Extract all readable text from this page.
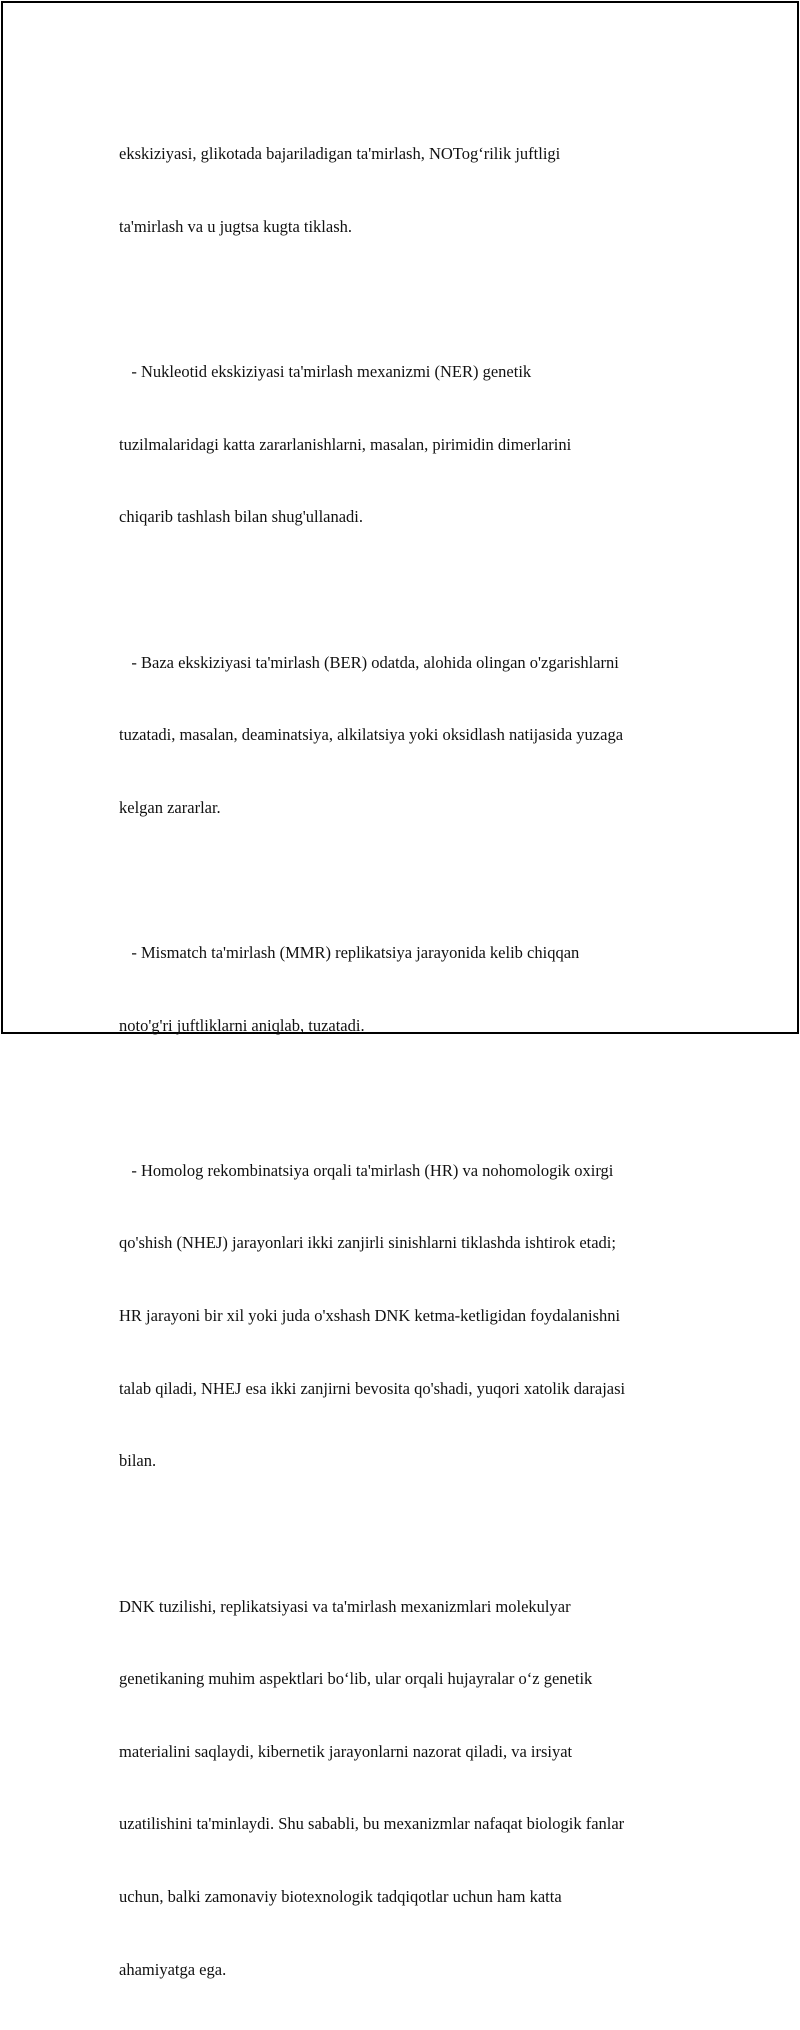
ekskiziyasi, glikotada bajariladigan ta'mirlash, NOTog‘rilik juftligi

ta'mirlash va u jugtsa kugta tiklash.

- Nukleotid ekskiziyasi ta'mirlash mexanizmi (NER) genetik

tuzilmalaridagi katta zararlanishlarni, masalan, pirimidin dimerlarini

chiqarib tashlash bilan shug'ullanadi.

- Baza ekskiziyasi ta'mirlash (BER) odatda, alohida olingan o'zgarishlarni

tuzatadi, masalan, deaminatsiya, alkilatsiya yoki oksidlash natijasida yuzaga

kelgan zararlar.

- Mismatch ta'mirlash (MMR) replikatsiya jarayonida kelib chiqqan

noto'g'ri juftliklarni aniqlab, tuzatadi.

- Homolog rekombinatsiya orqali ta'mirlash (HR) va nohomologik oxirgi

qo'shish (NHEJ) jarayonlari ikki zanjirli sinishlarni tiklashda ishtirok etadi;

HR jarayoni bir xil yoki juda o'xshash DNK ketma-ketligidan foydalanishni

talab qiladi, NHEJ esa ikki zanjirni bevosita qo'shadi, yuqori xatolik darajasi

bilan.

DNK tuzilishi, replikatsiyasi va ta'mirlash mexanizmlari molekulyar

genetikaning muhim aspektlari bo‘lib, ular orqali hujayralar o‘z genetik

materialini saqlaydi, kibernetik jarayonlarni nazorat qiladi, va irsiyat

uzatilishini ta'minlaydi. Shu sababli, bu mexanizmlar nafaqat biologik fanlar

uchun, balki zamonaviy biotexnologik tadqiqotlar uchun ham katta

ahamiyatga ega.
